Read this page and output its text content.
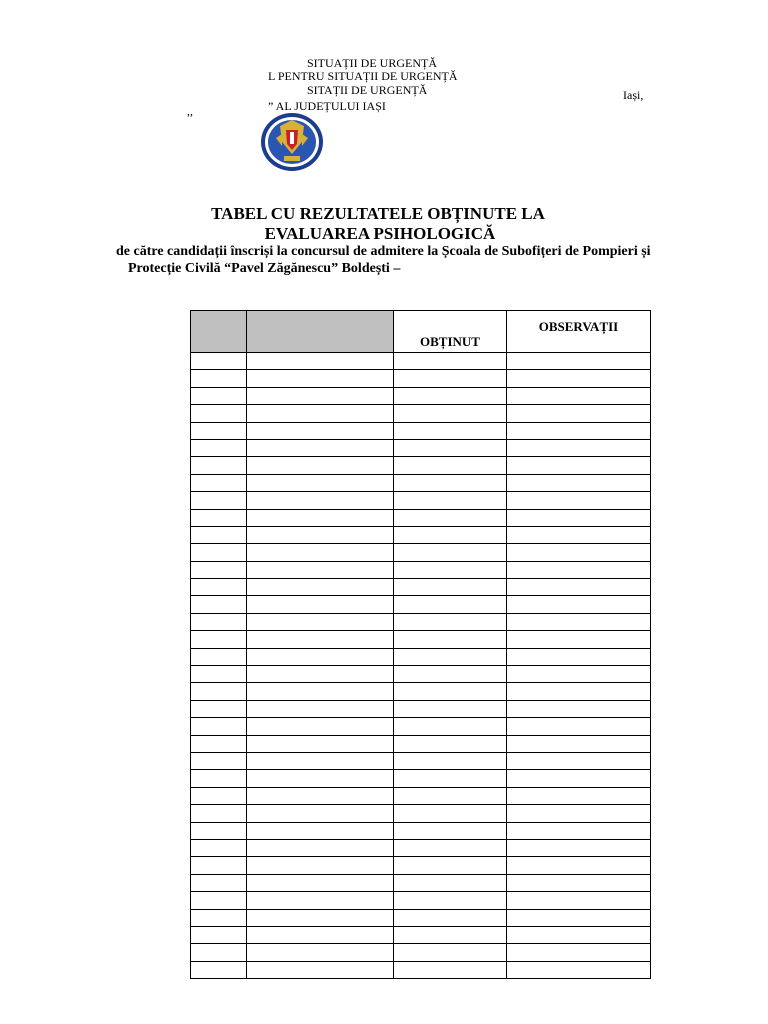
SITUAȚII DE URGENȚĂ
L PENTRU SITUAȚII DE URGENȚĂ
SITAȚII DE URGENȚĂ
,,	” AL JUDEȚULUI IAȘI
Iași,
TABEL CU REZULTATELE OBȚINUTE LA
EVALUAREA PSIHOLOGICĂ
de către candidații înscriși la concursul de admitere la Școala de Subofițeri de Pompieri și
Protecție Civilă “Pavel Zăgănescu” Boldești –
		OBȚINUT	OBSERVAȚII
